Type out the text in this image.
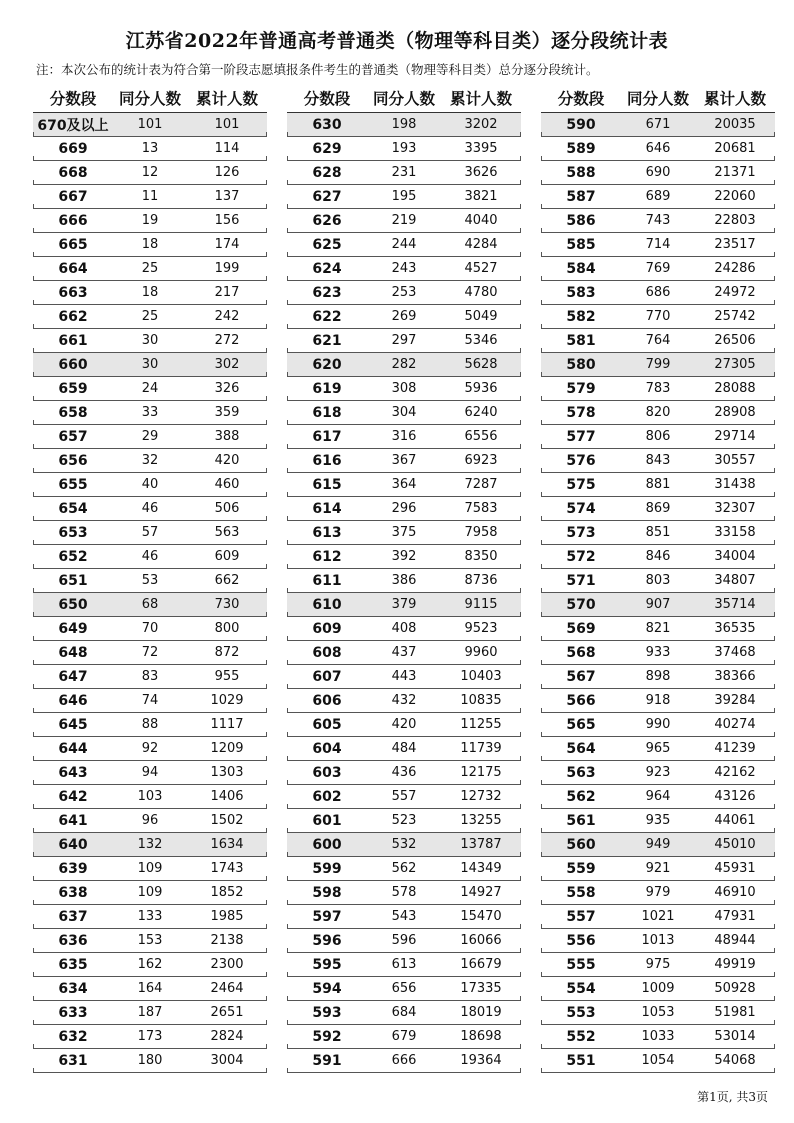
江苏省2022年普通高考普通类（物理等科目类）逐分段统计表
注：本次公布的统计表为符合第一阶段志愿填报条件考生的普通类（物理等科目类）总分逐分段统计。
分数段	同分人数 累计人数
670及以上	101	101
669	13	114
668	12	126
667	11	137
666	19	156
665	18	174
664	25	199
663	18	217
662	25	242
661	30	272
660	30	302
659	24	326
658	33	359
657	29	388
656	32	420
655	40	460
654	46	506
653	57	563
652	46	609
651	53	662
650	68	730
649	70	800
648	72	872
647	83	955
646	74	1029
645	88	1117
644	92	1209
643	94	1303
642	103	1406
641	96	1502
640	132	1634
639	109	1743
638	109	1852
637	133	1985
636	153	2138
635	162	2300
634	164	2464
633	187	2651
632	173	2824
631	180	3004
分数段	同分人数 累计人数
630	198	3202
629	193	3395
628	231	3626
627	195	3821
626	219	4040
625	244	4284
624	243	4527
623	253	4780
622	269	5049
621	297	5346
620	282	5628
619	308	5936
618	304	6240
617	316	6556
616	367	6923
615	364	7287
614	296	7583
613	375	7958
612	392	8350
611	386	8736
610	379	9115
609	408	9523
608	437	9960
607	443	10403
606	432	10835
605	420	11255
604	484	11739
603	436	12175
602	557	12732
601	523	13255
600	532	13787
599	562	14349
598	578	14927
597	543	15470
596	596	16066
595	613	16679
594	656	17335
593	684	18019
592	679	18698
591	666	19364
分数段	同分人数 累计人数
590	671	20035
589	646	20681
588	690	21371
587	689	22060
586	743	22803
585	714	23517
584	769	24286
583	686	24972
582	770	25742
581	764	26506
580	799	27305
579	783	28088
578	820	28908
577	806	29714
576	843	30557
575	881	31438
574	869	32307
573	851	33158
572	846	34004
571	803	34807
570	907	35714
569	821	36535
568	933	37468
567	898	38366
566	918	39284
565	990	40274
564	965	41239
563	923	42162
562	964	43126
561	935	44061
560	949	45010
559	921	45931
558	979	46910
557	1021	47931
556	1013	48944
555	975	49919
554	1009	50928
553	1053	51981
552	1033	53014
551	1054	54068
第1页, 共3页
